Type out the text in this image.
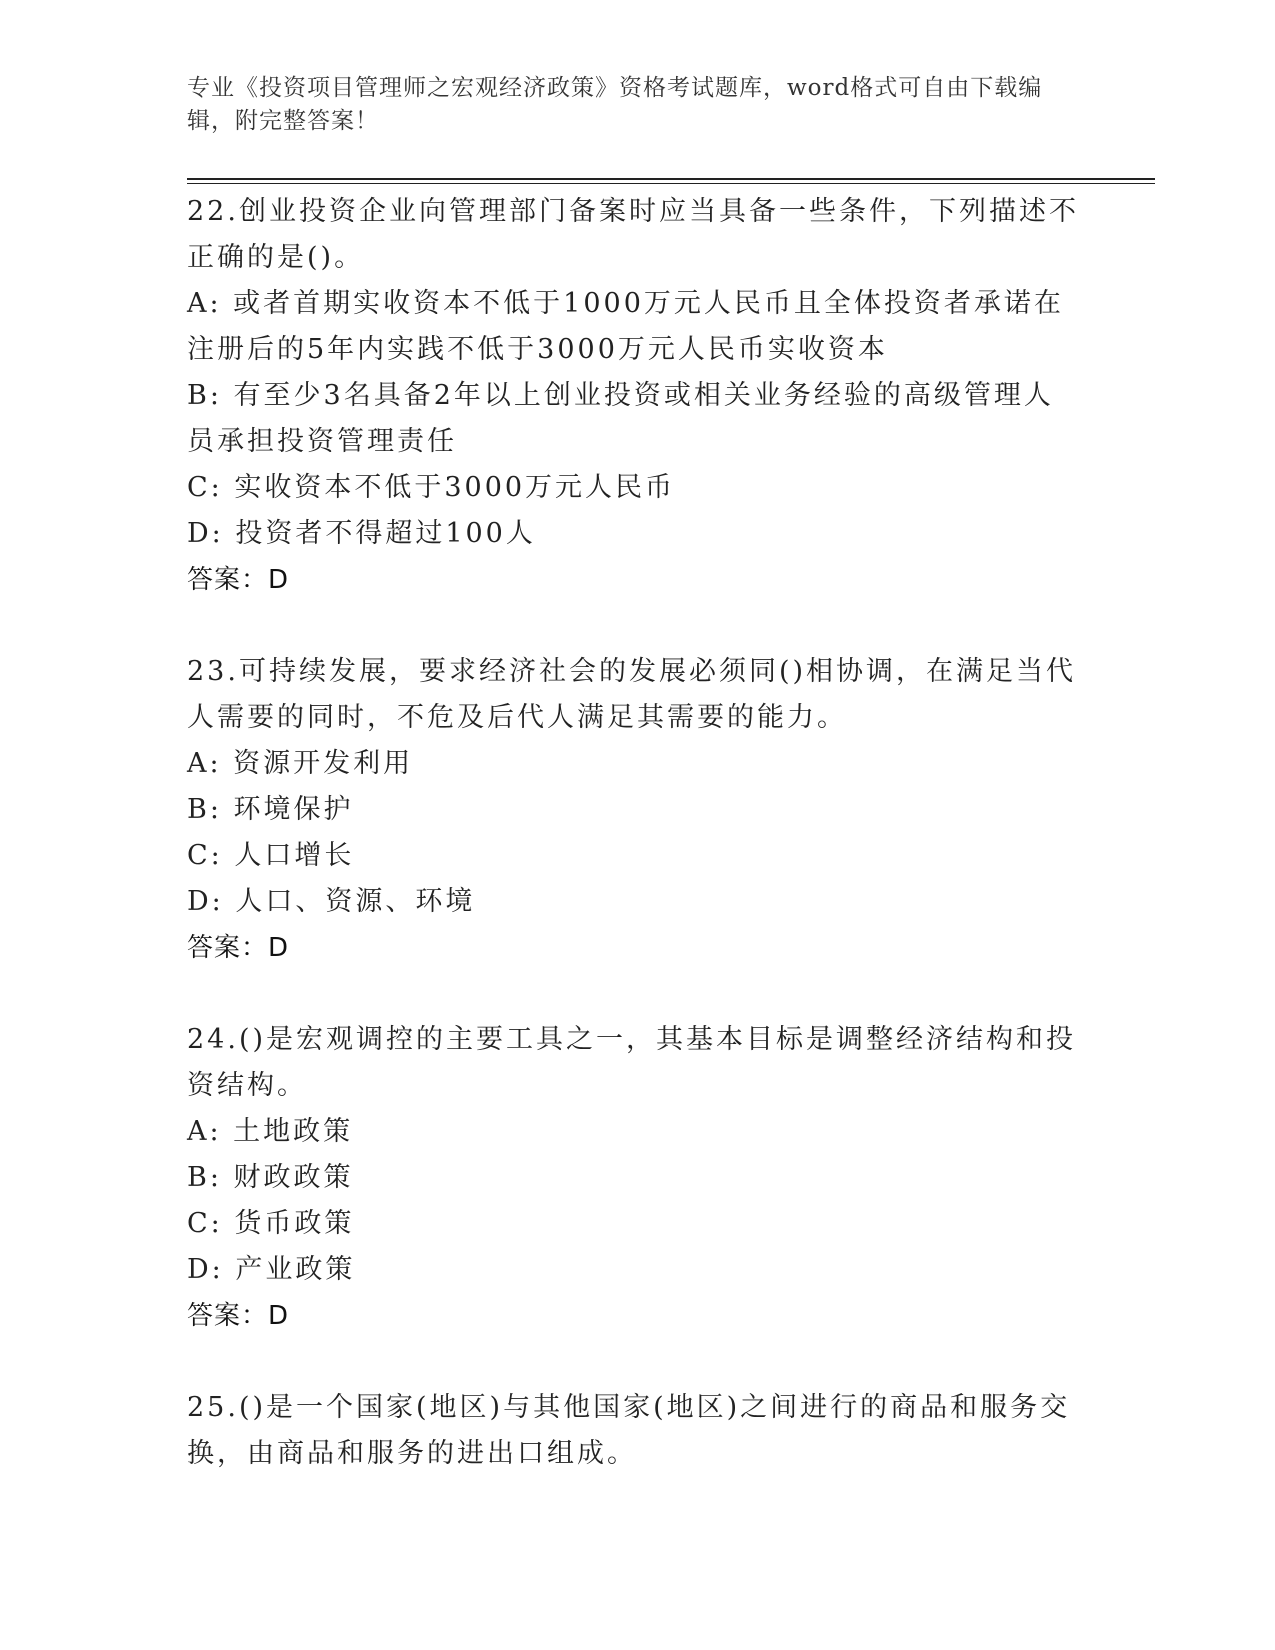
专业《投资项目管理师之宏观经济政策》资格考试题库，word格式可自由下载编辑，附完整答案！

22.创业投资企业向管理部门备案时应当具备一些条件，下列描述不正确的是()。

A: 或者首期实收资本不低于1000万元人民币且全体投资者承诺在注册后的5年内实践不低于3000万元人民币实收资本

B: 有至少3名具备2年以上创业投资或相关业务经验的高级管理人员承担投资管理责任

C: 实收资本不低于3000万元人民币

D: 投资者不得超过100人

答案：D

23.可持续发展，要求经济社会的发展必须同()相协调，在满足当代人需要的同时，不危及后代人满足其需要的能力。

A: 资源开发利用

B: 环境保护

C: 人口增长

D: 人口、资源、环境

答案：D

24.()是宏观调控的主要工具之一，其基本目标是调整经济结构和投资结构。

A: 土地政策

B: 财政政策

C: 货币政策

D: 产业政策

答案：D

25.()是一个国家(地区)与其他国家(地区)之间进行的商品和服务交换，由商品和服务的进出口组成。
